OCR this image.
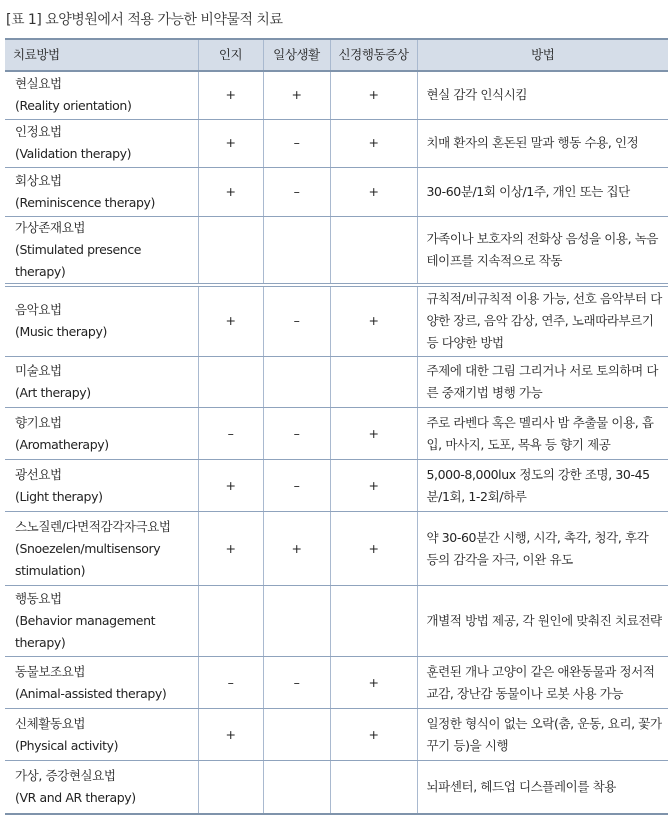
[표 1] 요양병원에서 적용 가능한 비약물적 치료
치료방법	인지	일상생활	신경행동증상	방법

현실요법
(Reality orientation)	+	+	+	현실 감각 인식시킴

인정요법
(Validation therapy)	+	–	+	치매 환자의 혼돈된 말과 행동 수용, 인정

회상요법
(Reminiscence therapy)	+	–	+	30-60분/1회 이상/1주, 개인 또는 집단

가상존재요법
(Stimulated presence therapy)				가족이나 보호자의 전화상 음성을 이용, 녹음테이프를 지속적으로 작동

음악요법
(Music therapy)	+	–	+	규칙적/비규칙적 이용 가능, 선호 음악부터 다양한 장르, 음악 감상, 연주, 노래따라부르기 등 다양한 방법

미술요법
(Art therapy)				주제에 대한 그림 그리거나 서로 토의하며 다른 중재기법 병행 가능

향기요법
(Aromatherapy)	–	–	+	주로 라벤다 혹은 멜리사 밤 추출물 이용, 흡입, 마사지, 도포, 목욕 등 향기 제공

광선요법
(Light therapy)	+	–	+	5,000-8,000lux 정도의 강한 조명, 30-45분/1회, 1-2회/하루

스노질렌/다면적감각자극요법
(Snoezelen/multisensory stimulation)	+	+	+	약 30-60분간 시행, 시각, 촉각, 청각, 후각 등의 감각을 자극, 이완 유도

행동요법
(Behavior management therapy)				개별적 방법 제공, 각 원인에 맞춰진 치료전략

동물보조요법
(Animal-assisted therapy)	–	–	+	훈련된 개나 고양이 같은 애완동물과 정서적 교감, 장난감 동물이나 로봇 사용 가능

신체활동요법
(Physical activity)	+		+	일정한 형식이 없는 오락(춤, 운동, 요리, 꽃가꾸기 등)을 시행

가상, 증강현실요법
(VR and AR therapy)				뇌파센터, 헤드업 디스플레이를 착용
